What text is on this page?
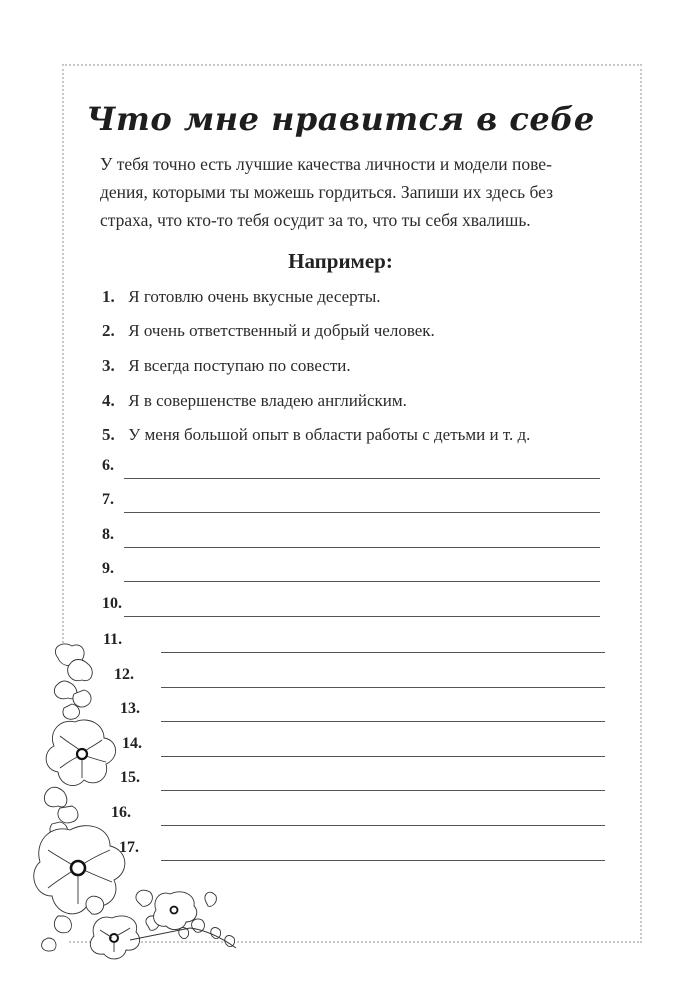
Что мне нравится в себе
У тебя точно есть лучшие качества личности и модели пове-
дения, которыми ты можешь гордиться. Запиши их здесь без
страха, что кто-то тебя осудит за то, что ты себя хвалишь.
Например:
1. Я готовлю очень вкусные десерты.
2. Я очень ответственный и добрый человек.
3. Я всегда поступаю по совести.
4. Я в совершенстве владею английским.
5. У меня большой опыт в области работы с детьми и т. д.
6.
7.
8.
9.
10.
11.
12.
13.
14.
15.
16.
17.
